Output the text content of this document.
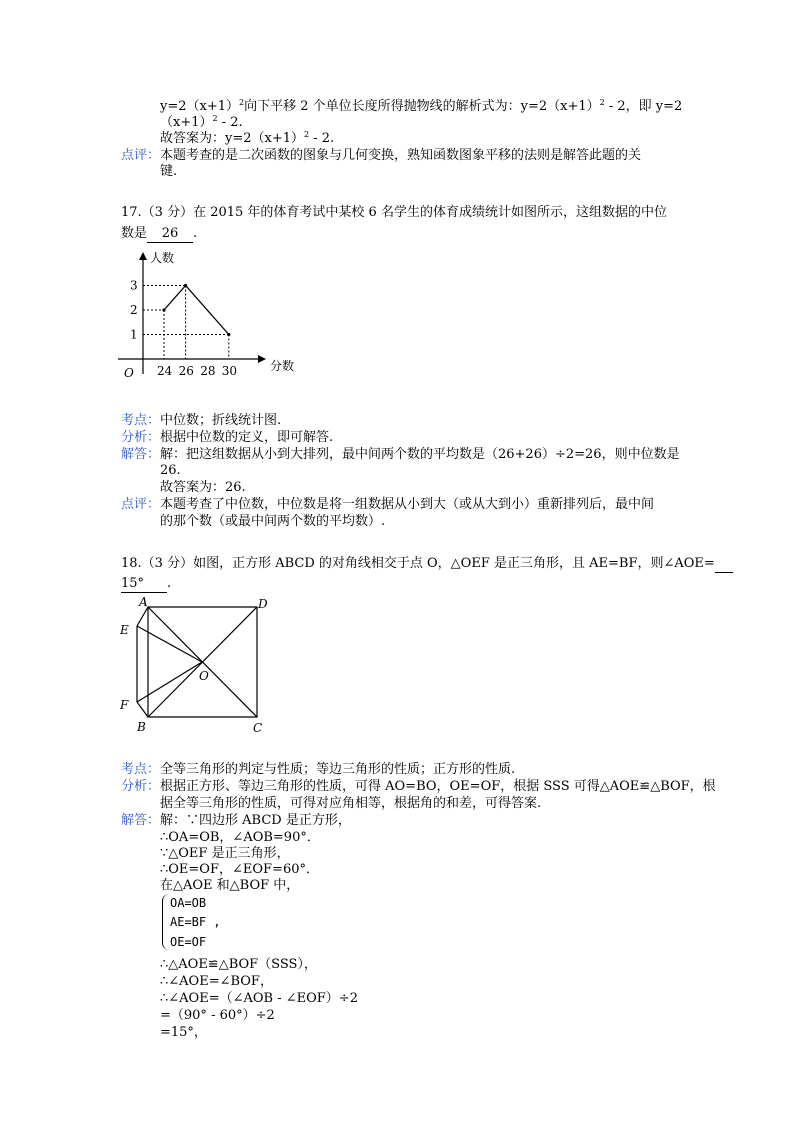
$y=2(x+1)^2$向下平移 2 个单位长度所得抛物线的解析式为：$y=2(x+1)^2 - 2$，即 y=2
$(x+1)^2 - 2$.
故答案为：$y=2(x+1)^2 - 2$.
点评： 本题考查的是二次函数的图象与几何变换，熟知函数图象平移的法则是解答此题的关
键.
17.（3 分）在 2015 年的体育考试中某校 6 名学生的体育成绩统计如图所示，这组数据的中位
数是 26 .
人数
分数
O 24 26 28 30
1
2
3
考点： 中位数；折线统计图.
分析： 根据中位数的定义，即可解答.
解答： 解：把这组数据从小到大排列，最中间两个数的平均数是（26+26）÷2=26，则中位数是
26.
故答案为：26.
点评： 本题考查了中位数，中位数是将一组数据从小到大（或从大到小）重新排列后，最中间
的那个数（或最中间两个数的平均数）.
18.（3 分）如图，正方形 ABCD 的对角线相交于点 O，△OEF 是正三角形，且 AE=BF，则∠AOE=
15° .
A	D
E
O
F
B	C
考点： 全等三角形的判定与性质；等边三角形的性质；正方形的性质.
分析： 根据正方形、等边三角形的性质，可得 AO=BO，OE=OF，根据 SSS 可得△AOE≌△BOF，根
据全等三角形的性质，可得对应角相等，根据角的和差，可得答案.
解答： 解：∵四边形 ABCD 是正方形，
∴OA=OB，∠AOB=90°．
∵△OEF 是正三角形，
∴OE=OF，∠EOF=60°．
在△AOE 和△BOF 中，
OA=OB
AE=BF ,
OE=OF
∴△AOE≌△BOF（SSS），
∴∠AOE=∠BOF，
∴∠AOE=（∠AOB - ∠EOF）÷2
=（90° - 60°）÷2
=15°，
